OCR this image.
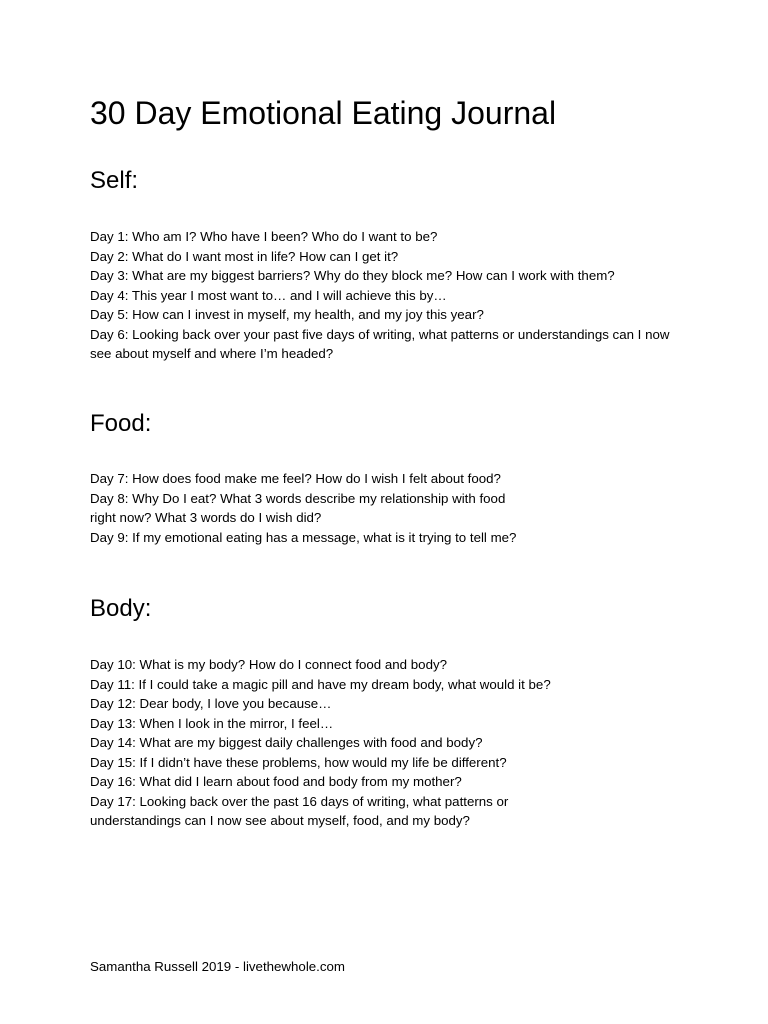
30 Day Emotional Eating Journal
Self:
Day 1: Who am I? Who have I been? Who do I want to be?
Day 2: What do I want most in life? How can I get it?
Day 3: What are my biggest barriers? Why do they block me? How can I work with them?
Day 4: This year I most want to… and I will achieve this by…
Day 5: How can I invest in myself, my health, and my joy this year?
Day 6: Looking back over your past five days of writing, what patterns or understandings can I now see about myself and where I’m headed?
Food:
Day 7: How does food make me feel? How do I wish I felt about food?
Day 8: Why Do I eat? What 3 words describe my relationship with food right now? What 3 words do I wish did?
Day 9: If my emotional eating has a message, what is it trying to tell me?
Body:
Day 10: What is my body? How do I connect food and body?
Day 11: If I could take a magic pill and have my dream body, what would it be?
Day 12: Dear body, I love you because…
Day 13: When I look in the mirror, I feel…
Day 14: What are my biggest daily challenges with food and body?
Day 15: If I didn’t have these problems, how would my life be different?
Day 16: What did I learn about food and body from my mother?
Day 17: Looking back over the past 16 days of writing, what patterns or understandings can I now see about myself, food, and my body?

Samantha Russell 2019 - livethewhole.com
